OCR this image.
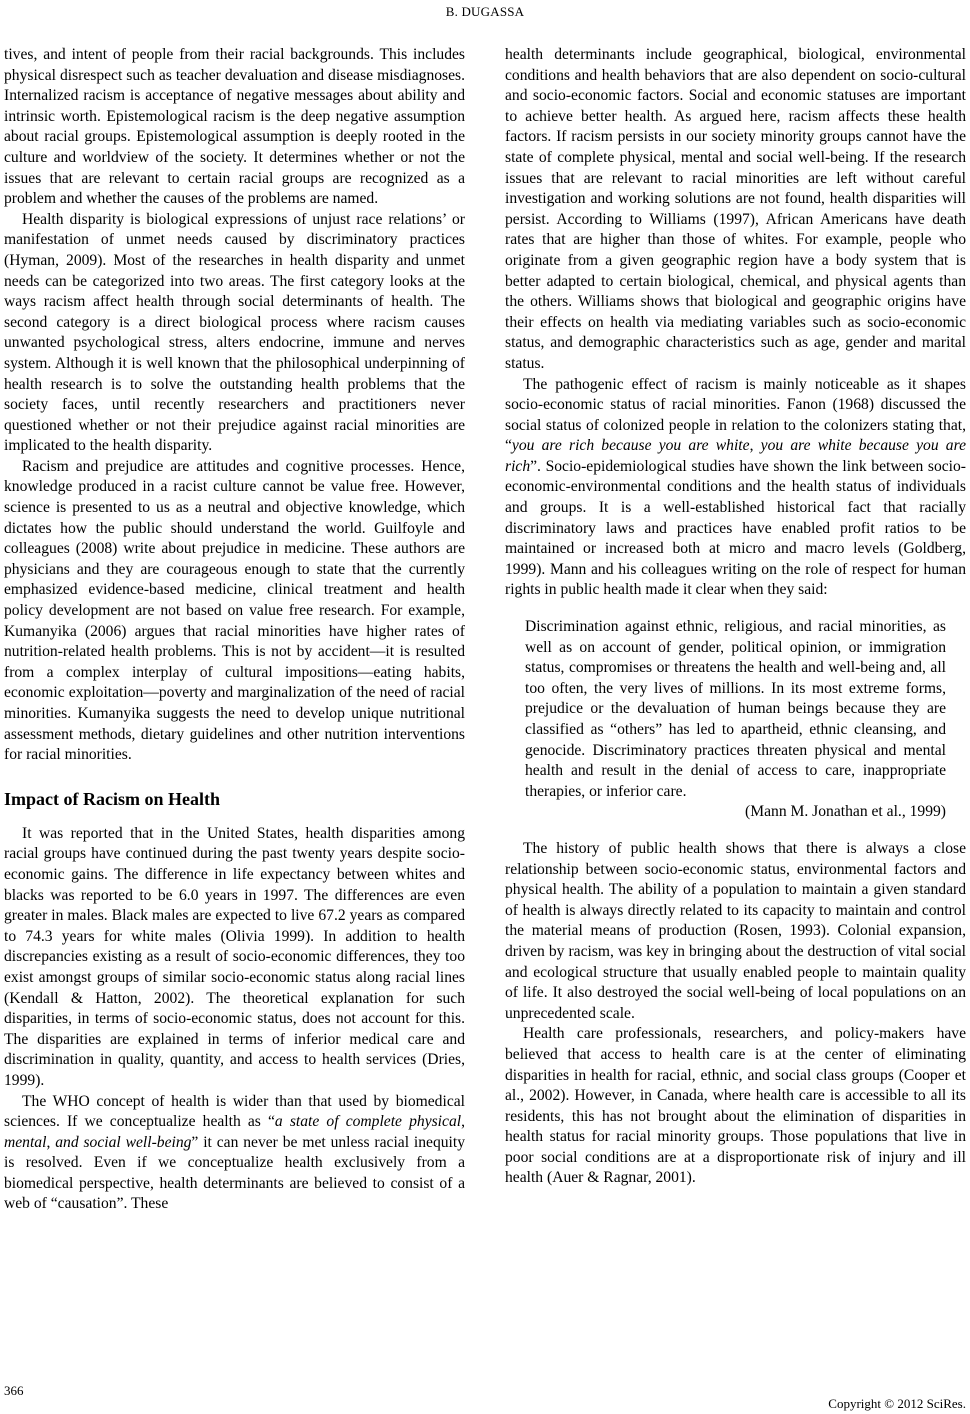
B. DUGASSA

tives, and intent of people from their racial backgrounds. This includes physical disrespect such as teacher devaluation and disease misdiagnoses. Internalized racism is acceptance of negative messages about ability and intrinsic worth. Epistemological racism is the deep negative assumption about racial groups. Epistemological assumption is deeply rooted in the culture and worldview of the society. It determines whether or not the issues that are relevant to certain racial groups are recognized as a problem and whether the causes of the problems are named.

Health disparity is biological expressions of unjust race relations’ or manifestation of unmet needs caused by discriminatory practices (Hyman, 2009). Most of the researches in health disparity and unmet needs can be categorized into two areas. The first category looks at the ways racism affect health through social determinants of health. The second category is a direct biological process where racism causes unwanted psychological stress, alters endocrine, immune and nerves system. Although it is well known that the philosophical underpinning of health research is to solve the outstanding health problems that the society faces, until recently researchers and practitioners never questioned whether or not their prejudice against racial minorities are implicated to the health disparity.

Racism and prejudice are attitudes and cognitive processes. Hence, knowledge produced in a racist culture cannot be value free. However, science is presented to us as a neutral and objective knowledge, which dictates how the public should understand the world. Guilfoyle and colleagues (2008) write about prejudice in medicine. These authors are physicians and they are courageous enough to state that the currently emphasized evidence-based medicine, clinical treatment and health policy development are not based on value free research. For example, Kumanyika (2006) argues that racial minorities have higher rates of nutrition-related health problems. This is not by accident—it is resulted from a complex interplay of cultural impositions—eating habits, economic exploitation—poverty and marginalization of the need of racial minorities. Kumanyika suggests the need to develop unique nutritional assessment methods, dietary guidelines and other nutrition interventions for racial minorities.

Impact of Racism on Health

It was reported that in the United States, health disparities among racial groups have continued during the past twenty years despite socio-economic gains. The difference in life expectancy between whites and blacks was reported to be 6.0 years in 1997. The differences are even greater in males. Black males are expected to live 67.2 years as compared to 74.3 years for white males (Olivia 1999). In addition to health discrepancies existing as a result of socio-economic differences, they too exist amongst groups of similar socio-economic status along racial lines (Kendall & Hatton, 2002). The theoretical explanation for such disparities, in terms of socio-economic status, does not account for this. The disparities are explained in terms of inferior medical care and discrimination in quality, quantity, and access to health services (Dries, 1999).

The WHO concept of health is wider than that used by biomedical sciences. If we conceptualize health as “a state of complete physical, mental, and social well-being” it can never be met unless racial inequity is resolved. Even if we conceptualize health exclusively from a biomedical perspective, health determinants are believed to consist of a web of “causation”. These

health determinants include geographical, biological, environmental conditions and health behaviors that are also dependent on socio-cultural and socio-economic factors. Social and economic statuses are important to achieve better health. As argued here, racism affects these health factors. If racism persists in our society minority groups cannot have the state of complete physical, mental and social well-being. If the research issues that are relevant to racial minorities are left without careful investigation and working solutions are not found, health disparities will persist. According to Williams (1997), African Americans have death rates that are higher than those of whites. For example, people who originate from a given geographic region have a body system that is better adapted to certain biological, chemical, and physical agents than the others. Williams shows that biological and geographic origins have their effects on health via mediating variables such as socio-economic status, and demographic characteristics such as age, gender and marital status.

The pathogenic effect of racism is mainly noticeable as it shapes socio-economic status of racial minorities. Fanon (1968) discussed the social status of colonized people in relation to the colonizers stating that, “you are rich because you are white, you are white because you are rich”. Socio-epidemiological studies have shown the link between socio-economic-environmental conditions and the health status of individuals and groups. It is a well-established historical fact that racially discriminatory laws and practices have enabled profit ratios to be maintained or increased both at micro and macro levels (Goldberg, 1999). Mann and his colleagues writing on the role of respect for human rights in public health made it clear when they said:

Discrimination against ethnic, religious, and racial minorities, as well as on account of gender, political opinion, or immigration status, compromises or threatens the health and well-being and, all too often, the very lives of millions. In its most extreme forms, prejudice or the devaluation of human beings because they are classified as “others” has led to apartheid, ethnic cleansing, and genocide. Discriminatory practices threaten physical and mental health and result in the denial of access to care, inappropriate therapies, or inferior care.
(Mann M. Jonathan et al., 1999)

The history of public health shows that there is always a close relationship between socio-economic status, environmental factors and physical health. The ability of a population to maintain a given standard of health is always directly related to its capacity to maintain and control the material means of production (Rosen, 1993). Colonial expansion, driven by racism, was key in bringing about the destruction of vital social and ecological structure that usually enabled people to maintain quality of life. It also destroyed the social well-being of local populations on an unprecedented scale.

Health care professionals, researchers, and policy-makers have believed that access to health care is at the center of eliminating disparities in health for racial, ethnic, and social class groups (Cooper et al., 2002). However, in Canada, where health care is accessible to all its residents, this has not brought about the elimination of disparities in health status for racial minority groups. Those populations that live in poor social conditions are at a disproportionate risk of injury and ill health (Auer & Ragnar, 2001).

366
Copyright © 2012 SciRes.
